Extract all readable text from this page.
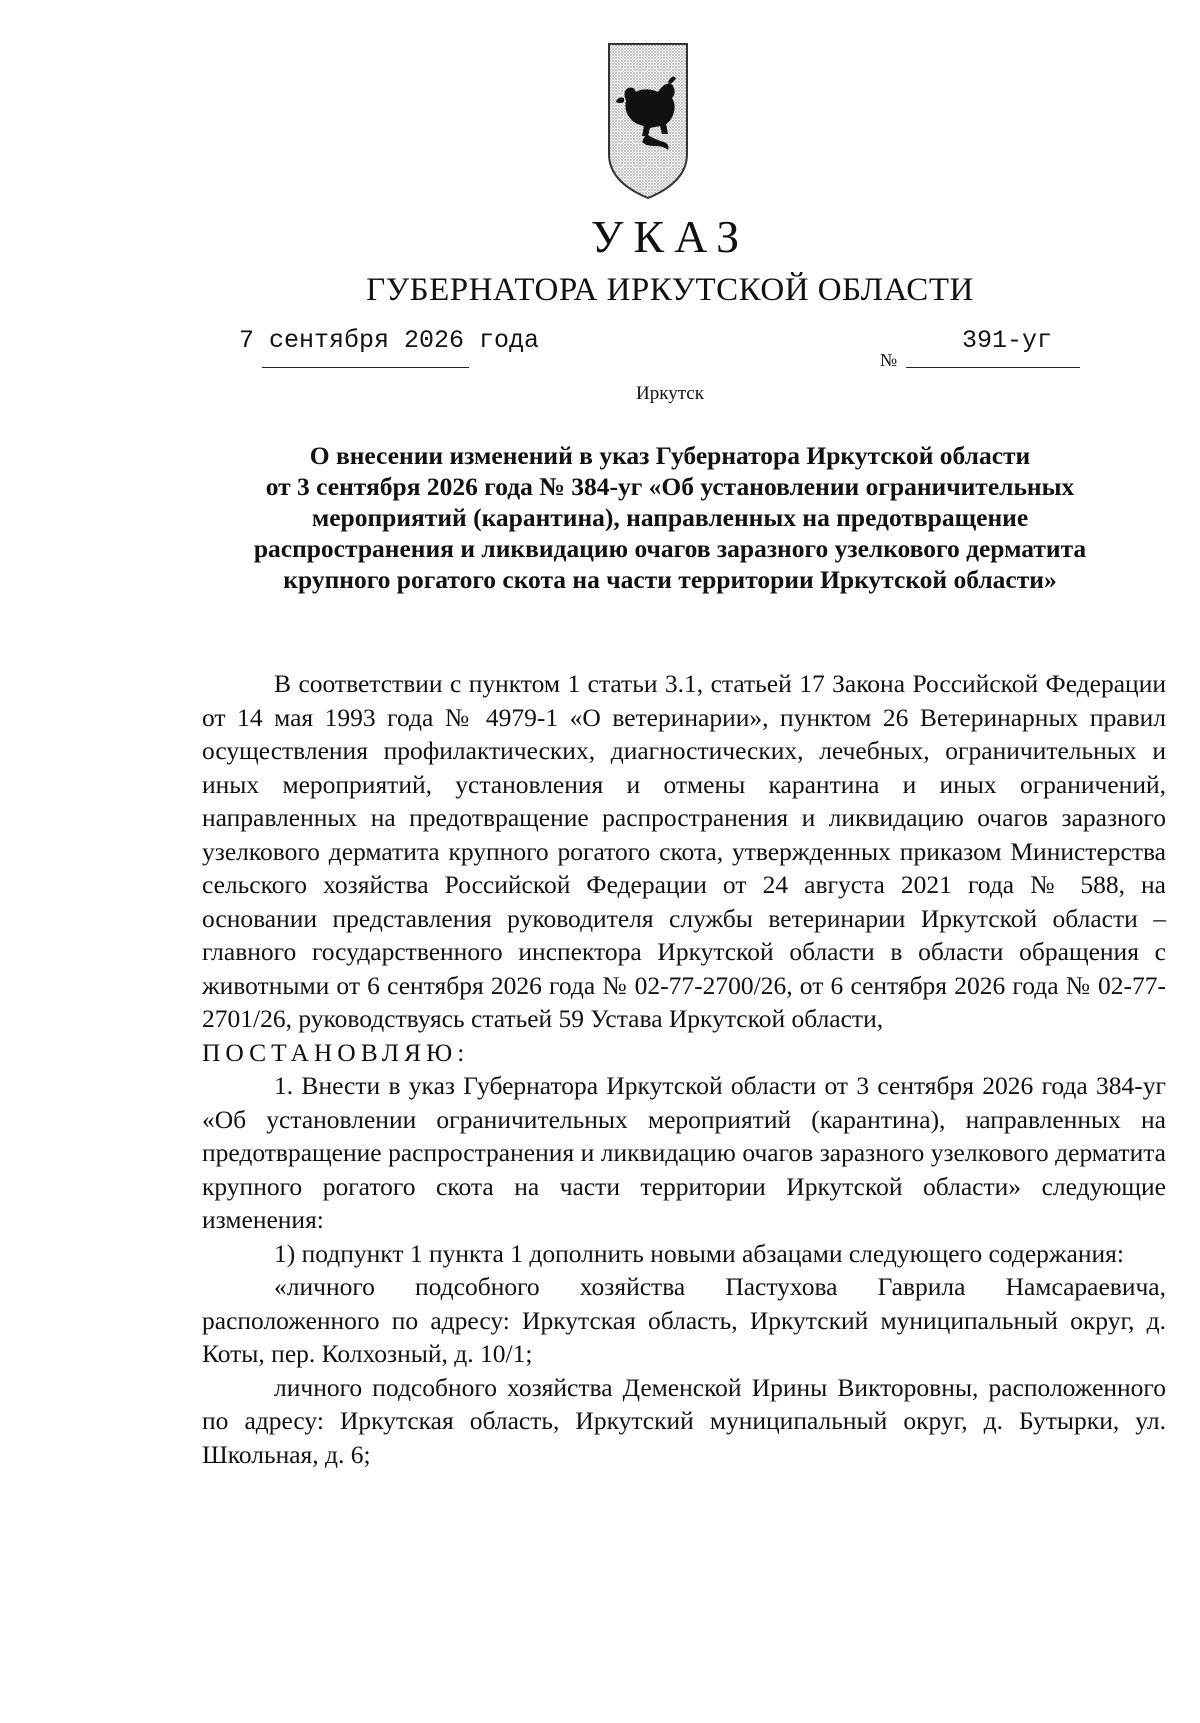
УКАЗ
ГУБЕРНАТОРА ИРКУТСКОЙ ОБЛАСТИ
7 сентября 2026 года
№
391-уг
Иркутск
О внесении изменений в указ Губернатора Иркутской области
от 3 сентября 2026 года № 384-уг «Об установлении ограничительных
мероприятий (карантина), направленных на предотвращение
распространения и ликвидацию очагов заразного узелкового дерматита
крупного рогатого скота на части территории Иркутской области»

В соответствии с пунктом 1 статьи 3.1, статьей 17 Закона Российской Федерации от 14 мая 1993 года № 4979-1 «О ветеринарии», пунктом 26 Ветеринарных правил осуществления профилактических, диагностических, лечебных, ограничительных и иных мероприятий, установления и отмены карантина и иных ограничений, направленных на предотвращение распространения и ликвидацию очагов заразного узелкового дерматита крупного рогатого скота, утвержденных приказом Министерства сельского хозяйства Российской Федерации от 24 августа 2021 года № 588, на основании представления руководителя службы ветеринарии Иркутской области – главного государственного инспектора Иркутской области в области обращения с животными от 6 сентября 2026 года № 02-77-2700/26, от 6 сентября 2026 года № 02-77-2701/26, руководствуясь статьей 59 Устава Иркутской области,

ПОСТАНОВЛЯЮ:

1. Внести в указ Губернатора Иркутской области от 3 сентября 2026 года 384-уг «Об установлении ограничительных мероприятий (карантина), направленных на предотвращение распространения и ликвидацию очагов заразного узелкового дерматита крупного рогатого скота на части территории Иркутской области» следующие изменения:

1) подпункт 1 пункта 1 дополнить новыми абзацами следующего содержания:

«личного подсобного хозяйства Пастухова Гаврила Намсараевича, расположенного по адресу: Иркутская область, Иркутский муниципальный округ, д. Коты, пер. Колхозный, д. 10/1;

личного подсобного хозяйства Деменской Ирины Викторовны, расположенного по адресу: Иркутская область, Иркутский муниципальный округ, д. Бутырки, ул. Школьная, д. 6;
